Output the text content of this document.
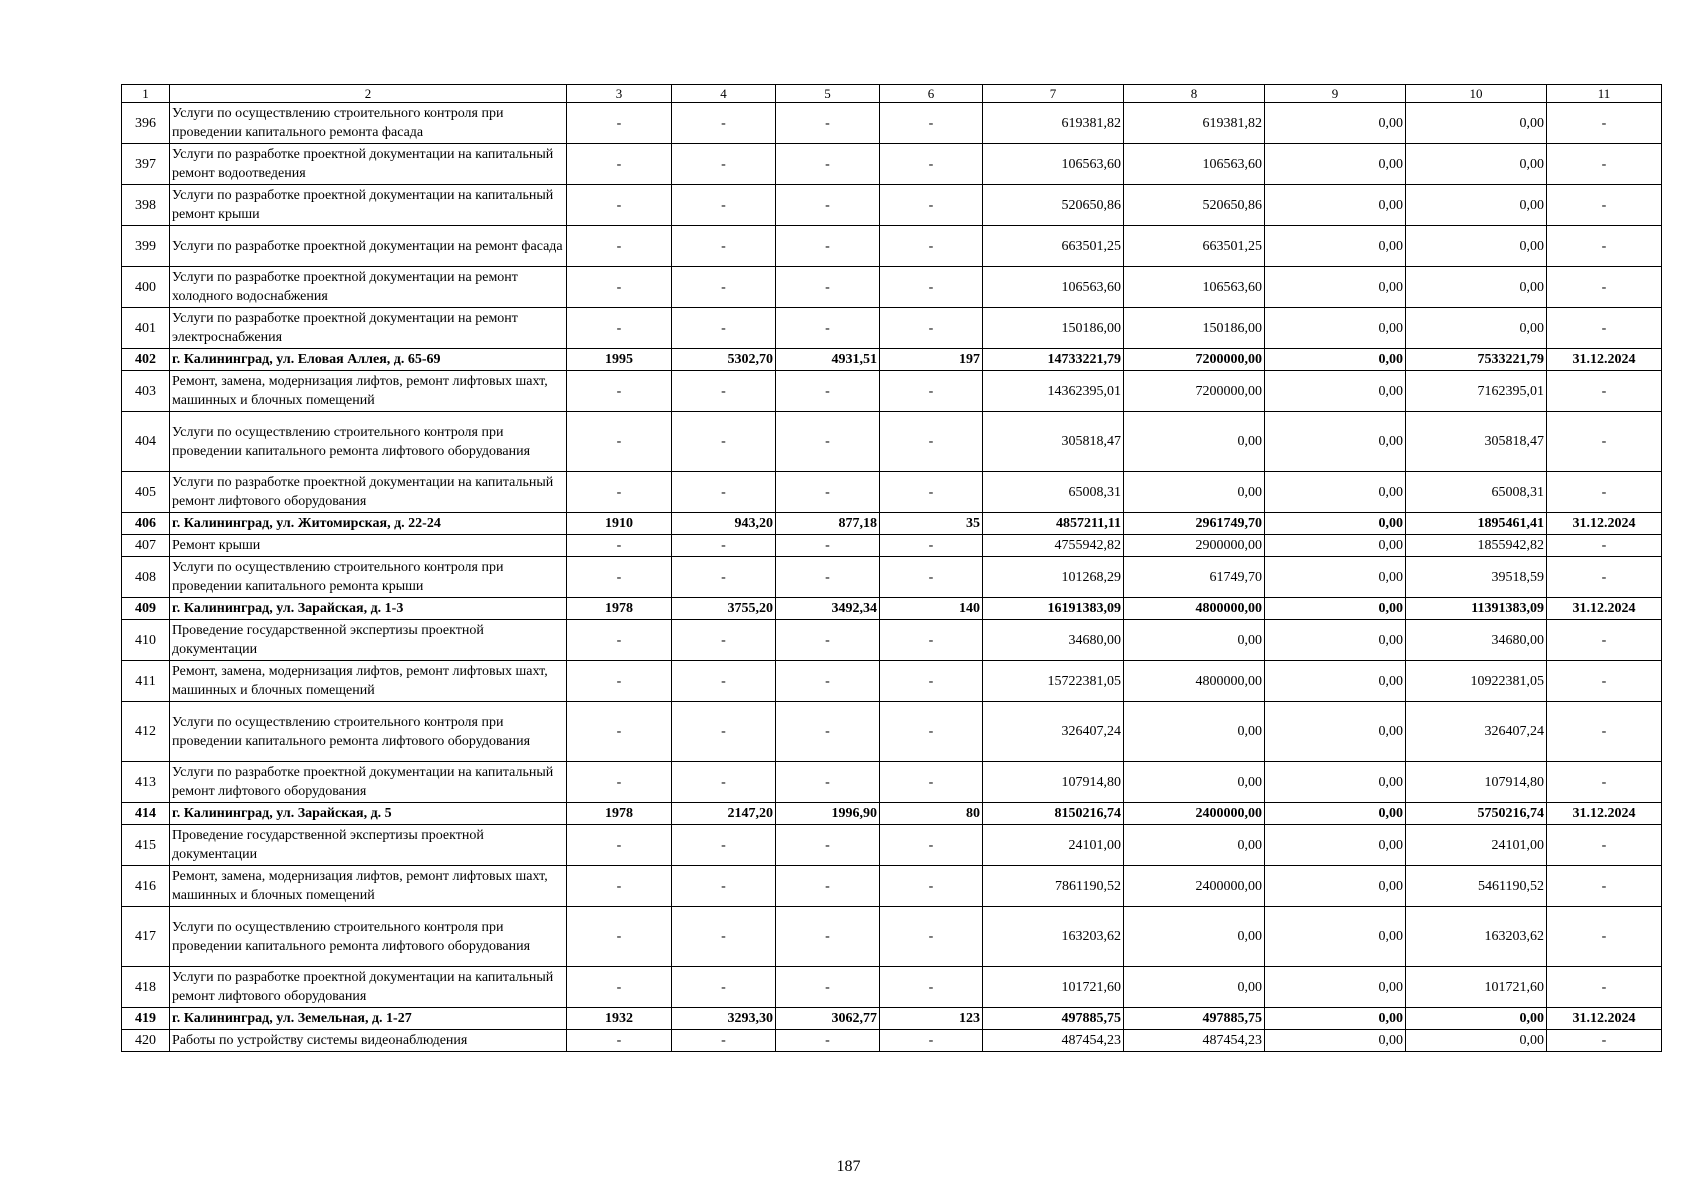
1	2	3	4	5	6	7	8	9	10	11
396	Услуги по осуществлению строительного контроля при проведении капитального ремонта фасада	-	-	-	-	619381,82	619381,82	0,00	0,00	-
397	Услуги по разработке проектной документации на капитальный ремонт водоотведения	-	-	-	-	106563,60	106563,60	0,00	0,00	-
398	Услуги по разработке проектной документации на капитальный ремонт крыши	-	-	-	-	520650,86	520650,86	0,00	0,00	-
399	Услуги по разработке проектной документации на ремонт фасада	-	-	-	-	663501,25	663501,25	0,00	0,00	-
400	Услуги по разработке проектной документации на ремонт холодного водоснабжения	-	-	-	-	106563,60	106563,60	0,00	0,00	-
401	Услуги по разработке проектной документации на ремонт электроснабжения	-	-	-	-	150186,00	150186,00	0,00	0,00	-
402	г. Калининград, ул. Еловая Аллея, д. 65-69	1995	5302,70	4931,51	197	14733221,79	7200000,00	0,00	7533221,79	31.12.2024
403	Ремонт, замена, модернизация лифтов, ремонт лифтовых шахт, машинных и блочных помещений	-	-	-	-	14362395,01	7200000,00	0,00	7162395,01	-
404	Услуги по осуществлению строительного контроля при проведении капитального ремонта лифтового оборудования	-	-	-	-	305818,47	0,00	0,00	305818,47	-
405	Услуги по разработке проектной документации на капитальный ремонт лифтового оборудования	-	-	-	-	65008,31	0,00	0,00	65008,31	-
406	г. Калининград, ул. Житомирская, д. 22-24	1910	943,20	877,18	35	4857211,11	2961749,70	0,00	1895461,41	31.12.2024
407	Ремонт крыши	-	-	-	-	4755942,82	2900000,00	0,00	1855942,82	-
408	Услуги по осуществлению строительного контроля при проведении капитального ремонта крыши	-	-	-	-	101268,29	61749,70	0,00	39518,59	-
409	г. Калининград, ул. Зарайская, д. 1-3	1978	3755,20	3492,34	140	16191383,09	4800000,00	0,00	11391383,09	31.12.2024
410	Проведение государственной экспертизы проектной документации	-	-	-	-	34680,00	0,00	0,00	34680,00	-
411	Ремонт, замена, модернизация лифтов, ремонт лифтовых шахт, машинных и блочных помещений	-	-	-	-	15722381,05	4800000,00	0,00	10922381,05	-
412	Услуги по осуществлению строительного контроля при проведении капитального ремонта лифтового оборудования	-	-	-	-	326407,24	0,00	0,00	326407,24	-
413	Услуги по разработке проектной документации на капитальный ремонт лифтового оборудования	-	-	-	-	107914,80	0,00	0,00	107914,80	-
414	г. Калининград, ул. Зарайская, д. 5	1978	2147,20	1996,90	80	8150216,74	2400000,00	0,00	5750216,74	31.12.2024
415	Проведение государственной экспертизы проектной документации	-	-	-	-	24101,00	0,00	0,00	24101,00	-
416	Ремонт, замена, модернизация лифтов, ремонт лифтовых шахт, машинных и блочных помещений	-	-	-	-	7861190,52	2400000,00	0,00	5461190,52	-
417	Услуги по осуществлению строительного контроля при проведении капитального ремонта лифтового оборудования	-	-	-	-	163203,62	0,00	0,00	163203,62	-
418	Услуги по разработке проектной документации на капитальный ремонт лифтового оборудования	-	-	-	-	101721,60	0,00	0,00	101721,60	-
419	г. Калининград, ул. Земельная, д. 1-27	1932	3293,30	3062,77	123	497885,75	497885,75	0,00	0,00	31.12.2024
420	Работы по устройству системы видеонаблюдения	-	-	-	-	487454,23	487454,23	0,00	0,00	-
187
